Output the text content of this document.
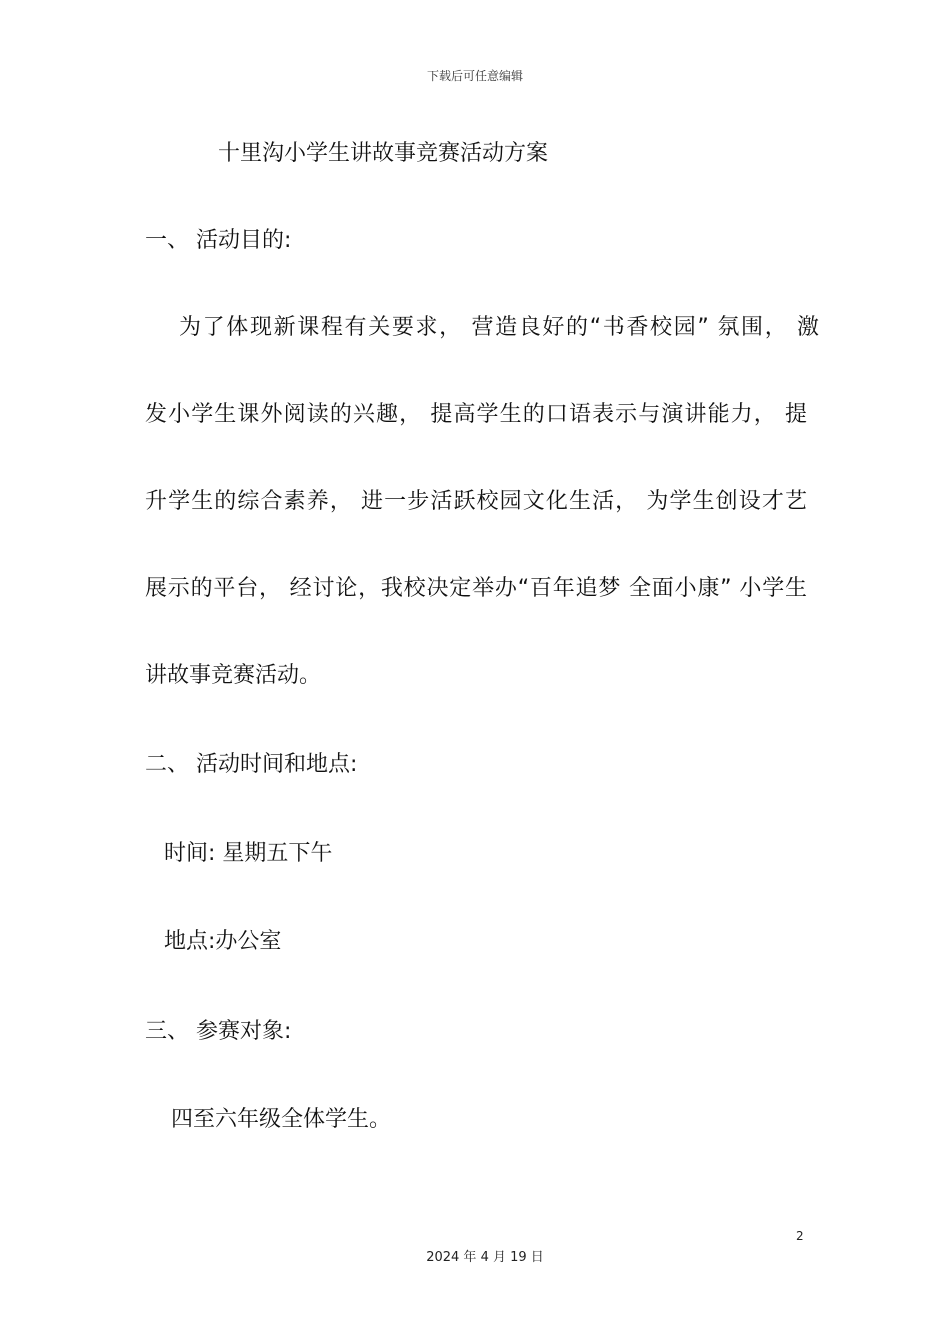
下载后可任意编辑
十里沟小学生讲故事竞赛活动方案
一、 活动目的:
为了体现新课程有关要求， 营造良好的“书香校园” 氛围， 激
发小学生课外阅读的兴趣， 提高学生的口语表示与演讲能力， 提
升学生的综合素养， 进一步活跃校园文化生活， 为学生创设才艺
展示的平台， 经讨论，我校决定举办“百年追梦 全面小康” 小学生
讲故事竞赛活动。
二、 活动时间和地点:
时间: 星期五下午
地点:办公室
三、 参赛对象:
四至六年级全体学生。
2
2024 年 4 月 19 日
